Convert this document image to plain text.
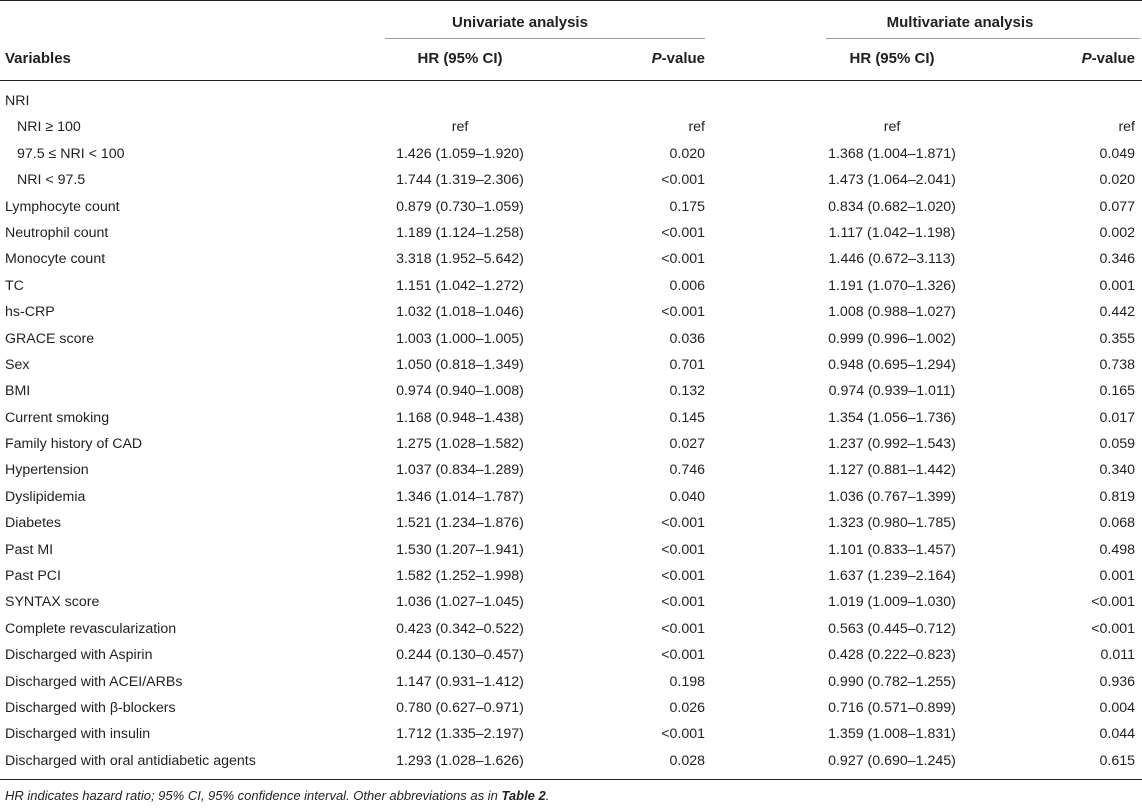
Univariate analysis	Multivariate analysis
Variables	HR (95% CI)	P-value	HR (95% CI)	P-value
NRI
NRI ≥ 100	ref	ref	ref	ref
97.5 ≤ NRI < 100	1.426 (1.059–1.920)	0.020	1.368 (1.004–1.871)	0.049
NRI < 97.5	1.744 (1.319–2.306)	<0.001	1.473 (1.064–2.041)	0.020
Lymphocyte count	0.879 (0.730–1.059)	0.175	0.834 (0.682–1.020)	0.077
Neutrophil count	1.189 (1.124–1.258)	<0.001	1.117 (1.042–1.198)	0.002
Monocyte count	3.318 (1.952–5.642)	<0.001	1.446 (0.672–3.113)	0.346
TC	1.151 (1.042–1.272)	0.006	1.191 (1.070–1.326)	0.001
hs-CRP	1.032 (1.018–1.046)	<0.001	1.008 (0.988–1.027)	0.442
GRACE score	1.003 (1.000–1.005)	0.036	0.999 (0.996–1.002)	0.355
Sex	1.050 (0.818–1.349)	0.701	0.948 (0.695–1.294)	0.738
BMI	0.974 (0.940–1.008)	0.132	0.974 (0.939–1.011)	0.165
Current smoking	1.168 (0.948–1.438)	0.145	1.354 (1.056–1.736)	0.017
Family history of CAD	1.275 (1.028–1.582)	0.027	1.237 (0.992–1.543)	0.059
Hypertension	1.037 (0.834–1.289)	0.746	1.127 (0.881–1.442)	0.340
Dyslipidemia	1.346 (1.014–1.787)	0.040	1.036 (0.767–1.399)	0.819
Diabetes	1.521 (1.234–1.876)	<0.001	1.323 (0.980–1.785)	0.068
Past MI	1.530 (1.207–1.941)	<0.001	1.101 (0.833–1.457)	0.498
Past PCI	1.582 (1.252–1.998)	<0.001	1.637 (1.239–2.164)	0.001
SYNTAX score	1.036 (1.027–1.045)	<0.001	1.019 (1.009–1.030)	<0.001
Complete revascularization	0.423 (0.342–0.522)	<0.001	0.563 (0.445–0.712)	<0.001
Discharged with Aspirin	0.244 (0.130–0.457)	<0.001	0.428 (0.222–0.823)	0.011
Discharged with ACEI/ARBs	1.147 (0.931–1.412)	0.198	0.990 (0.782–1.255)	0.936
Discharged with β-blockers	0.780 (0.627–0.971)	0.026	0.716 (0.571–0.899)	0.004
Discharged with insulin	1.712 (1.335–2.197)	<0.001	1.359 (1.008–1.831)	0.044
Discharged with oral antidiabetic agents	1.293 (1.028–1.626)	0.028	0.927 (0.690–1.245)	0.615
HR indicates hazard ratio; 95% CI, 95% confidence interval. Other abbreviations as in Table 2.
